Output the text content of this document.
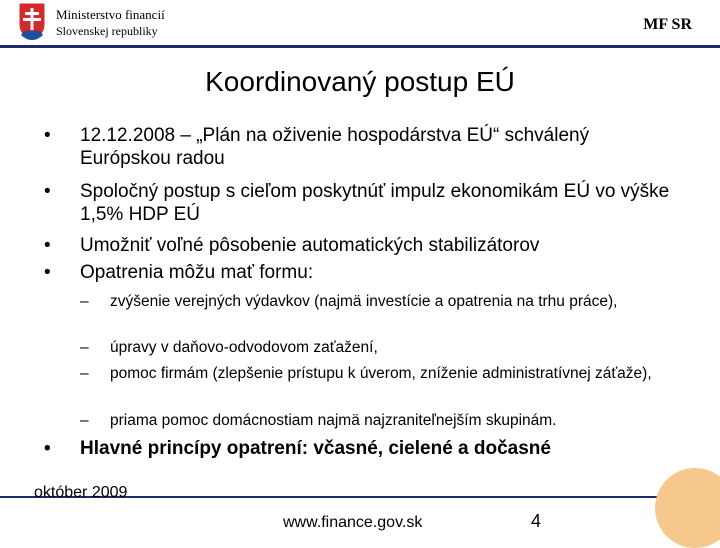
Ministerstvo financií
Slovenskej republiky	MF SR
Koordinovaný postup EÚ
• 12.12.2008 – „Plán na oživenie hospodárstva EÚ“ schválený Európskou radou
• Spoločný postup s cieľom poskytnúť impulz ekonomikám EÚ vo výške 1,5% HDP EÚ
• Umožniť voľné pôsobenie automatických stabilizátorov
• Opatrenia môžu mať formu:
– zvýšenie verejných výdavkov (najmä investície a opatrenia na trhu práce),
– úpravy v daňovo-odvodovom zaťažení,
– pomoc firmám (zlepšenie prístupu k úverom, zníženie administratívnej záťaže),
– priama pomoc domácnostiam najmä najzraniteľnejším skupinám.
• Hlavné princípy opatrení: včasné, cielené a dočasné
október 2009
www.finance.gov.sk	4
